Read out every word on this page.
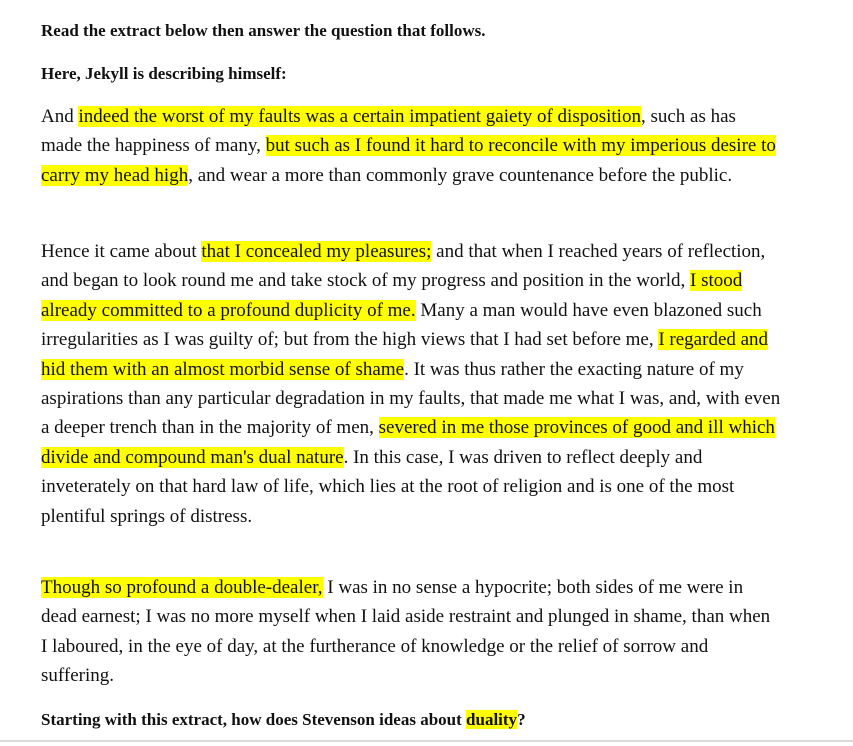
Read the extract below then answer the question that follows.

Here, Jekyll is describing himself:

And indeed the worst of my faults was a certain impatient gaiety of disposition, such as has made the happiness of many, but such as I found it hard to reconcile with my imperious desire to carry my head high, and wear a more than commonly grave countenance before the public.

Hence it came about that I concealed my pleasures; and that when I reached years of reflection, and began to look round me and take stock of my progress and position in the world, I stood already committed to a profound duplicity of me. Many a man would have even blazoned such irregularities as I was guilty of; but from the high views that I had set before me, I regarded and hid them with an almost morbid sense of shame. It was thus rather the exacting nature of my aspirations than any particular degradation in my faults, that made me what I was, and, with even a deeper trench than in the majority of men, severed in me those provinces of good and ill which divide and compound man's dual nature. In this case, I was driven to reflect deeply and inveterately on that hard law of life, which lies at the root of religion and is one of the most plentiful springs of distress.

Though so profound a double-dealer, I was in no sense a hypocrite; both sides of me were in dead earnest; I was no more myself when I laid aside restraint and plunged in shame, than when I laboured, in the eye of day, at the furtherance of knowledge or the relief of sorrow and suffering.

Starting with this extract, how does Stevenson ideas about duality?
